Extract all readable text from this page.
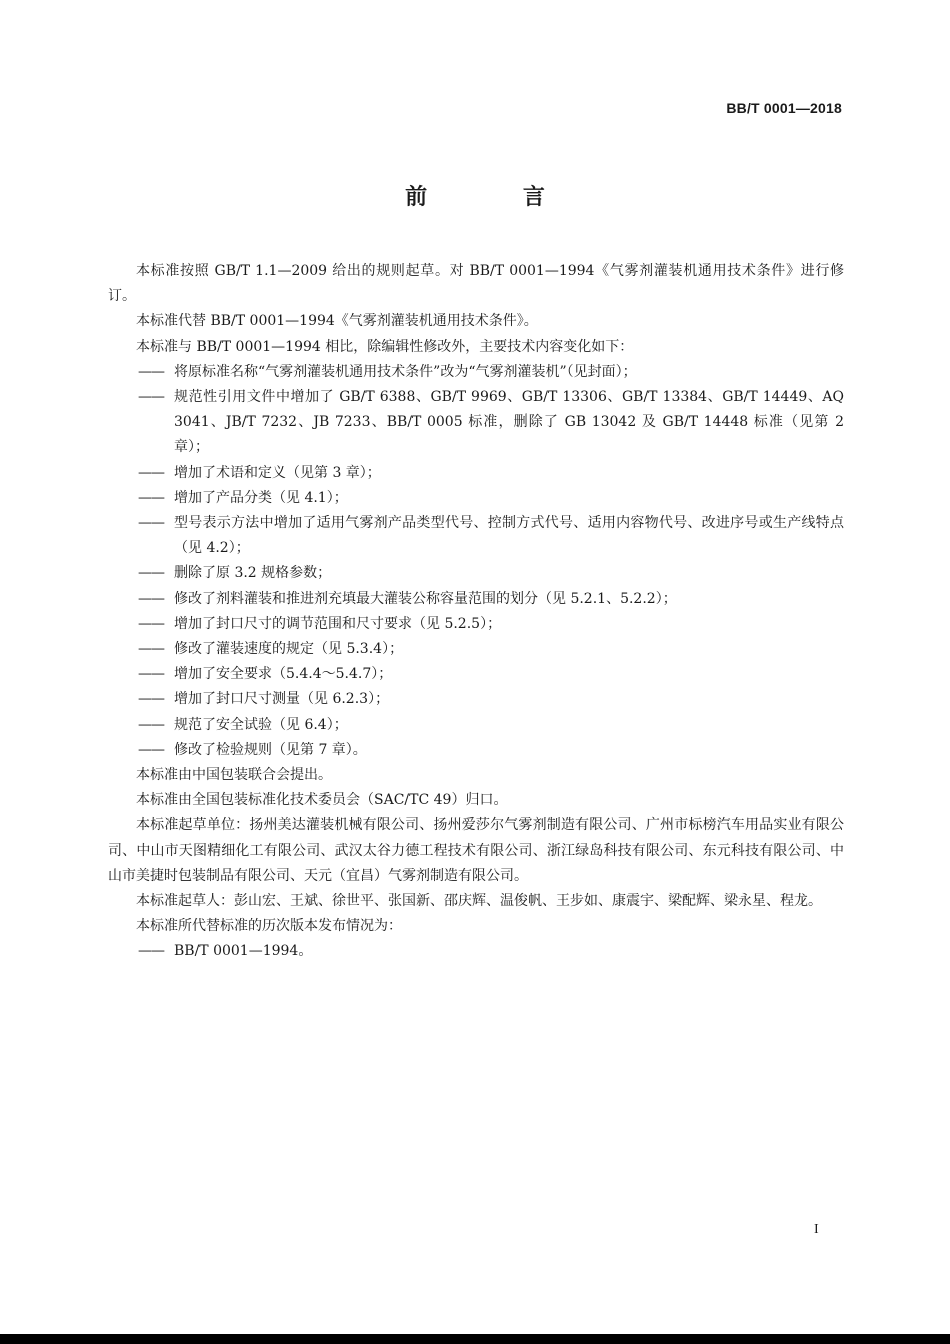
BB/T 0001—2018
前 言

本标准按照 GB/T 1.1—2009 给出的规则起草。对 BB/T 0001—1994《气雾剂灌装机通用技术条件》进行修订。

本标准代替 BB/T 0001—1994《气雾剂灌装机通用技术条件》。

本标准与 BB/T 0001—1994 相比，除编辑性修改外，主要技术内容变化如下：

—— 将原标准名称“气雾剂灌装机通用技术条件”改为“气雾剂灌装机”（见封面）；

—— 规范性引用文件中增加了 GB/T 6388、GB/T 9969、GB/T 13306、GB/T 13384、GB/T 14449、AQ 3041、JB/T 7232、JB 7233、BB/T 0005 标准，删除了 GB 13042 及 GB/T 14448 标准（见第 2 章）；

—— 增加了术语和定义（见第 3 章）；

—— 增加了产品分类（见 4.1）；

—— 型号表示方法中增加了适用气雾剂产品类型代号、控制方式代号、适用内容物代号、改进序号或生产线特点（见 4.2）；

—— 删除了原 3.2 规格参数；

—— 修改了剂料灌装和推进剂充填最大灌装公称容量范围的划分（见 5.2.1、5.2.2）；

—— 增加了封口尺寸的调节范围和尺寸要求（见 5.2.5）；

—— 修改了灌装速度的规定（见 5.3.4）；

—— 增加了安全要求（5.4.4～5.4.7）；

—— 增加了封口尺寸测量（见 6.2.3）；

—— 规范了安全试验（见 6.4）；

—— 修改了检验规则（见第 7 章）。

本标准由中国包装联合会提出。

本标准由全国包装标准化技术委员会（SAC/TC 49）归口。

本标准起草单位：扬州美达灌装机械有限公司、扬州爱莎尔气雾剂制造有限公司、广州市标榜汽车用品实业有限公司、中山市天图精细化工有限公司、武汉太谷力德工程技术有限公司、浙江绿岛科技有限公司、东元科技有限公司、中山市美捷时包装制品有限公司、天元（宜昌）气雾剂制造有限公司。

本标准起草人：彭山宏、王斌、徐世平、张国新、邵庆辉、温俊帆、王步如、康震宇、梁配辉、梁永星、程龙。

本标准所代替标准的历次版本发布情况为：

—— BB/T 0001—1994。

I
